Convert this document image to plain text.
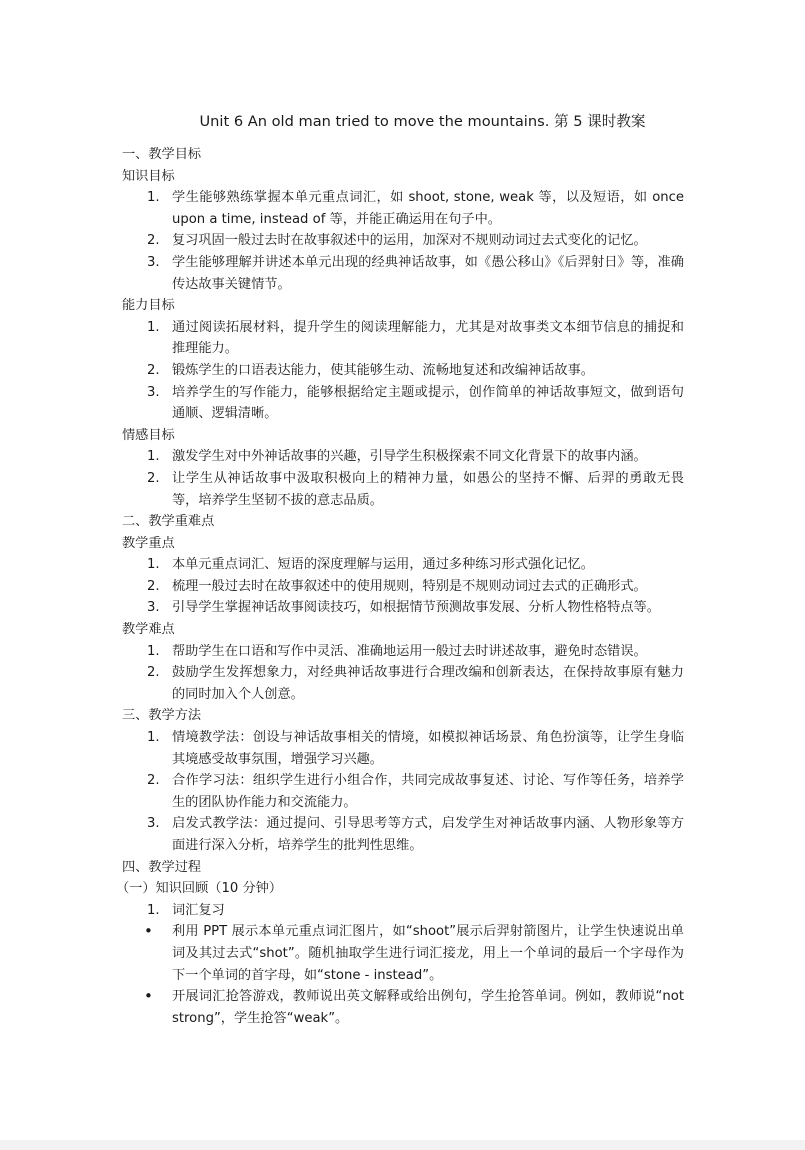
Unit 6 An old man tried to move the mountains. 第 5 课时教案
一、教学目标
知识目标
1. 学生能够熟练掌握本单元重点词汇，如 shoot, stone, weak 等，以及短语，如 once upon a time, instead of 等，并能正确运用在句子中。
2. 复习巩固一般过去时在故事叙述中的运用，加深对不规则动词过去式变化的记忆。
3. 学生能够理解并讲述本单元出现的经典神话故事，如《愚公移山》《后羿射日》等，准确传达故事关键情节。
能力目标
1. 通过阅读拓展材料，提升学生的阅读理解能力，尤其是对故事类文本细节信息的捕捉和推理能力。
2. 锻炼学生的口语表达能力，使其能够生动、流畅地复述和改编神话故事。
3. 培养学生的写作能力，能够根据给定主题或提示，创作简单的神话故事短文，做到语句通顺、逻辑清晰。
情感目标
1. 激发学生对中外神话故事的兴趣，引导学生积极探索不同文化背景下的故事内涵。
2. 让学生从神话故事中汲取积极向上的精神力量，如愚公的坚持不懈、后羿的勇敢无畏等，培养学生坚韧不拔的意志品质。
二、教学重难点
教学重点
1. 本单元重点词汇、短语的深度理解与运用，通过多种练习形式强化记忆。
2. 梳理一般过去时在故事叙述中的使用规则，特别是不规则动词过去式的正确形式。
3. 引导学生掌握神话故事阅读技巧，如根据情节预测故事发展、分析人物性格特点等。
教学难点
1. 帮助学生在口语和写作中灵活、准确地运用一般过去时讲述故事，避免时态错误。
2. 鼓励学生发挥想象力，对经典神话故事进行合理改编和创新表达，在保持故事原有魅力的同时加入个人创意。
三、教学方法
1. 情境教学法：创设与神话故事相关的情境，如模拟神话场景、角色扮演等，让学生身临其境感受故事氛围，增强学习兴趣。
2. 合作学习法：组织学生进行小组合作，共同完成故事复述、讨论、写作等任务，培养学生的团队协作能力和交流能力。
3. 启发式教学法：通过提问、引导思考等方式，启发学生对神话故事内涵、人物形象等方面进行深入分析，培养学生的批判性思维。
四、教学过程
（一）知识回顾（10 分钟）
1. 词汇复习
• 利用 PPT 展示本单元重点词汇图片，如“shoot”展示后羿射箭图片，让学生快速说出单词及其过去式“shot”。随机抽取学生进行词汇接龙，用上一个单词的最后一个字母作为下一个单词的首字母，如“stone - instead”。
• 开展词汇抢答游戏，教师说出英文解释或给出例句，学生抢答单词。例如，教师说“not strong”，学生抢答“weak”。
